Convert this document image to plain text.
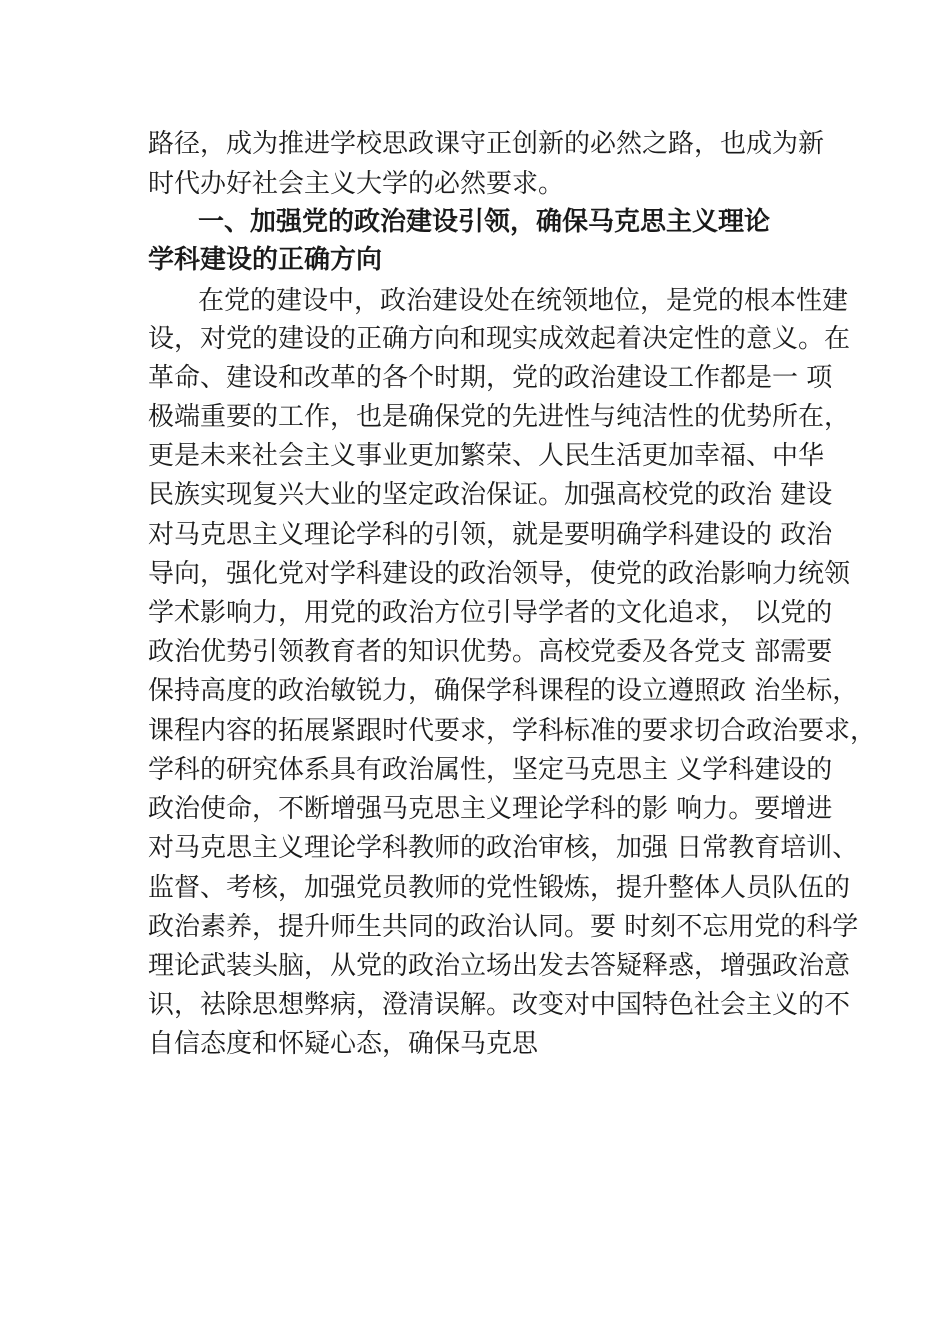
路径，成为推进学校思政课守正创新的必然之路，也成为新
时代办好社会主义大学的必然要求。
一、加强党的政治建设引领，确保马克思主义理论
学科建设的正确方向
在党的建设中，政治建设处在统领地位，是党的根本性建
设，对党的建设的正确方向和现实成效起着决定性的意义。在
革命、建设和改革的各个时期，党的政治建设工作都是一 项
极端重要的工作，也是确保党的先进性与纯洁性的优势所在，
更是未来社会主义事业更加繁荣、人民生活更加幸福、中华
民族实现复兴大业的坚定政治保证。加强高校党的政治 建设
对马克思主义理论学科的引领，就是要明确学科建设的 政治
导向，强化党对学科建设的政治领导，使党的政治影响力统领
学术影响力，用党的政治方位引导学者的文化追求， 以党的
政治优势引领教育者的知识优势。高校党委及各党支 部需要
保持高度的政治敏锐力，确保学科课程的设立遵照政 治坐标，
课程内容的拓展紧跟时代要求，学科标准的要求切合政治要求，
学科的研究体系具有政治属性，坚定马克思主 义学科建设的
政治使命，不断增强马克思主义理论学科的影 响力。要增进
对马克思主义理论学科教师的政治审核，加强 日常教育培训、
监督、考核，加强党员教师的党性锻炼，提升整体人员队伍的
政治素养，提升师生共同的政治认同。要 时刻不忘用党的科学
理论武装头脑，从党的政治立场出发去答疑释惑，增强政治意
识，祛除思想弊病，澄清误解。改变对中国特色社会主义的不
自信态度和怀疑心态，确保马克思
